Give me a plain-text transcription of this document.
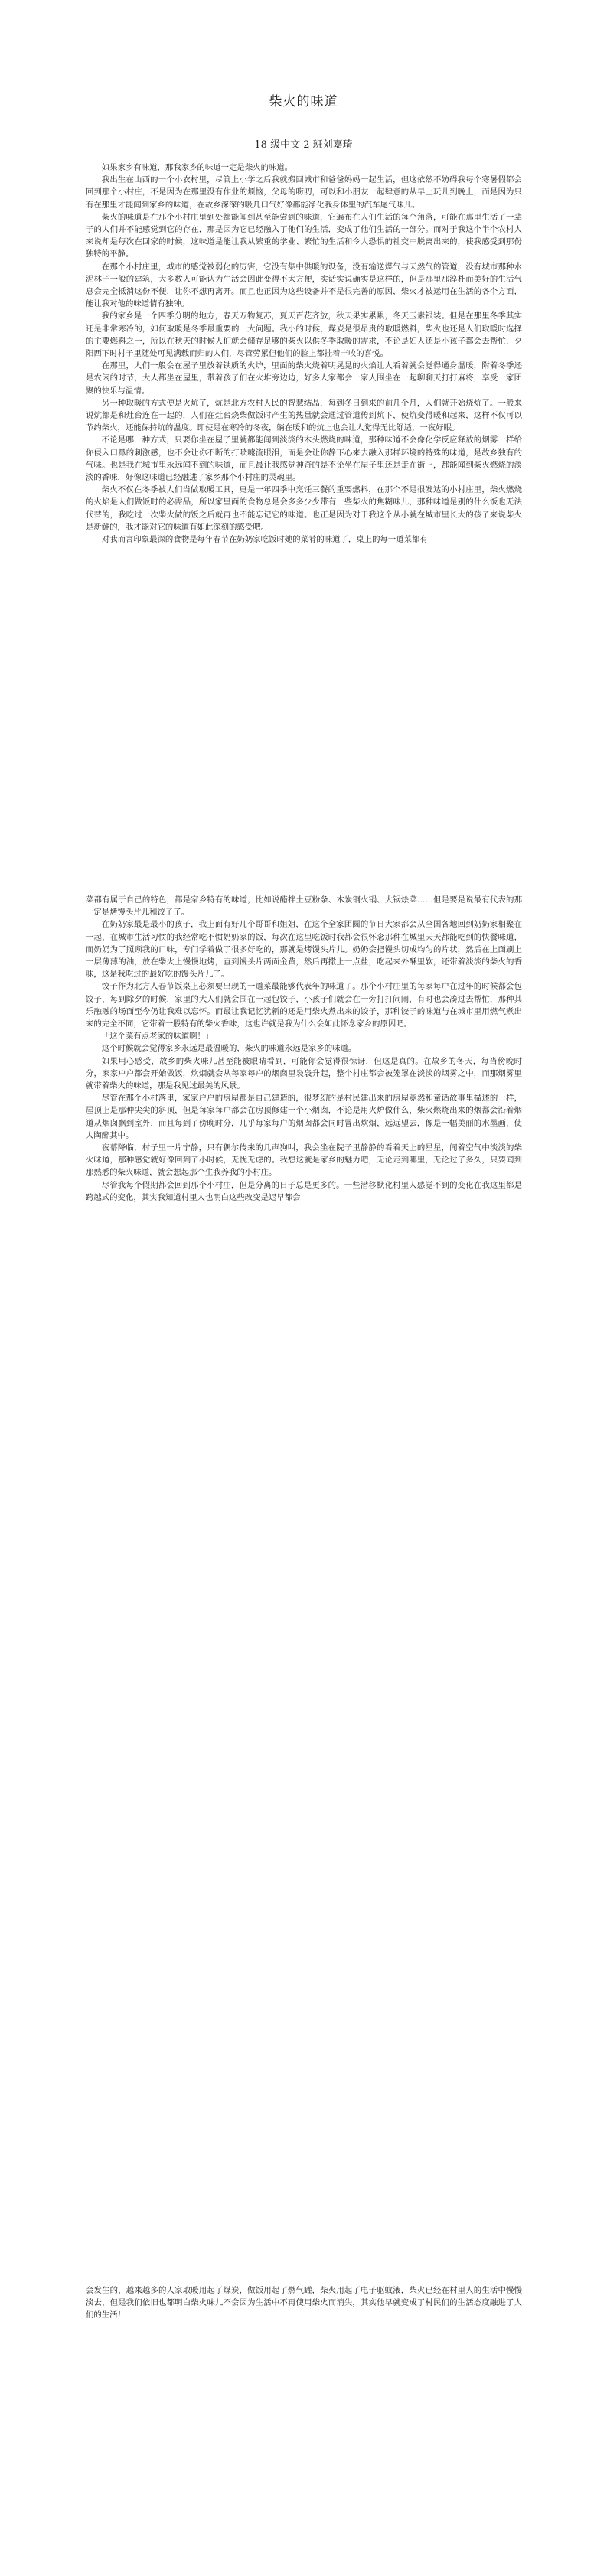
柴火的味道
18 级中文 2 班刘嘉琦

如果家乡有味道，那我家乡的味道一定是柴火的味道。

我出生在山西的一个小农村里，尽管上小学之后我就搬回城市和爸爸妈妈一起生活，但这依然不妨碍我每个寒暑假都会回到那个小村庄，不是因为在那里没有作业的烦恼，父母的唠叨，可以和小朋友一起肆意的从早上玩儿到晚上，而是因为只有在那里才能闻到家乡的味道，在故乡深深的吸几口气好像都能净化我身体里的汽车尾气味儿。

柴火的味道是在那个小村庄里到处都能闻到甚至能尝到的味道，它遍布在人们生活的每个角落，可能在那里生活了一辈子的人们并不能感觉到它的存在，那是因为它已经融入了他们的生活，变成了他们生活的一部分。而对于我这个半个农村人来说却是每次在回家的时候，这味道是能让我从繁重的学业、繁忙的生活和令人恐惧的社交中脱离出来的，使我感受到那份独特的平静。

在那个小村庄里，城市的感觉被弱化的厉害，它没有集中供暖的设备，没有输送煤气与天然气的管道，没有城市那种水泥林子一般的建筑，大多数人可能认为生活会因此变得不太方便，实话实说确实是这样的，但是那里那淳朴而美好的生活气息会完全抵消这份不便，让你不想再离开。而且也正因为这些设备并不是很完善的原因，柴火才被运用在生活的各个方面，能让我对他的味道情有独钟。

我的家乡是一个四季分明的地方，春天万物复苏，夏天百花齐放，秋天果实累累，冬天玉素银装。但是在那里冬季其实还是非常寒冷的，如何取暖是冬季最重要的一大问题。我小的时候，煤炭是很昂贵的取暖燃料，柴火也还是人们取暖时选择的主要燃料之一，所以在秋天的时候人们就会储存足够的柴火以供冬季取暖的需求，不论是妇人还是小孩子都会去帮忙，夕阳西下时村子里随处可见满载而归的人们，尽管劳累但他们的脸上都挂着丰收的喜悦。

在那里，人们一般会在屋子里放着铁质的火炉，里面的柴火烧着明晃晃的火焰让人看着就会觉得通身温暖，附着冬季还是农闲的时节，大人都坐在屋里，带着孩子们在火堆旁边边，好多人家都会一家人围坐在一起聊聊天打打麻将，享受一家团聚的快乐与温情。

另一种取暖的方式便是火炕了，炕是北方农村人民的智慧结晶，每到冬日到来的前几个月，人们就开始烧炕了。一般来说炕都是和灶台连在一起的，人们在灶台烧柴做饭时产生的热量就会通过管道传到炕下，使炕变得暖和起来，这样不仅可以节约柴火，还能保持炕的温度。即使是在寒冷的冬夜，躺在暖和的炕上也会让人觉得无比舒适，一夜好眠。

不论是哪一种方式，只要你坐在屋子里就都能闻到淡淡的木头燃烧的味道，那种味道不会像化学反应释放的烟雾一样给你侵入口鼻的刺激感，也不会让你不断的打喷嚏流眼泪，而是会让你静下心来去融入那样环境的特殊的味道，是故乡独有的气味。也是我在城市里永远闻不到的味道，而且最让我感觉神奇的是不论坐在屋子里还是走在街上，都能闻到柴火燃烧的淡淡的香味，好像这味道已经融进了家乡那个小村庄的灵魂里。

柴火不仅在冬季被人们当做取暖工具，更是一年四季中烹饪三餐的重要燃料，在那个不是很发达的小村庄里，柴火燃烧的火焰是人们做饭时的必需品，所以家里面的食物总是会多多少少带有一些柴火的焦糊味儿，那种味道是别的什么饭也无法代替的，我吃过一次柴火做的饭之后就再也不能忘记它的味道。也正是因为对于我这个从小就在城市里长大的孩子来说柴火是新鲜的，我才能对它的味道有如此深刻的感受吧。

对我而言印象最深的食物是每年春节在奶奶家吃饭时她的菜肴的味道了，桌上的每一道菜都有

菜都有属于自己的特色，都是家乡特有的味道，比如说醋拌土豆粉条、木炭铜火锅、大锅烩菜……但是要是说最有代表的那一定是烤馒头片儿和饺子了。

在奶奶家最是最小的孩子，我上面有好几个哥哥和姐姐，在这个全家团圆的节日大家都会从全国各地回到奶奶家相聚在一起，在城市生活习惯的我经常吃不惯奶奶家的饭，每次在这里吃饭时我都会很怀念那种在城里天天都能吃到的快餐味道，而奶奶为了照顾我的口味，专门学着做了很多好吃的，那就是烤馒头片儿。奶奶会把馒头切成均匀的片状，然后在上面刷上一层薄薄的油，放在柴火上慢慢地烤，直到馒头片两面金黄，然后再撒上一点盐，吃起来外酥里软，还带着淡淡的柴火的香味，这是我吃过的最好吃的馒头片儿了。

饺子作为北方人春节饭桌上必须要出现的一道菜最能够代表年的味道了。那个小村庄里的每家每户在过年的时候都会包饺子，每到除夕的时候，家里的大人们就会围在一起包饺子，小孩子们就会在一旁打打闹闹，有时也会凑过去帮忙，那种其乐融融的场面至今仍让我难以忘怀。而最让我记忆犹新的还是用柴火煮出来的饺子，那种饺子的味道与在城市里用燃气煮出来的完全不同，它带着一股特有的柴火香味，这也许就是我为什么会如此怀念家乡的原因吧。

「这个菜有点老家的味道啊！」

这个时候就会觉得家乡永远是最温暖的，柴火的味道永远是家乡的味道。

如果用心感受，故乡的柴火味儿甚至能被眼睛看到，可能你会觉得很惊讶，但这是真的。在故乡的冬天，每当傍晚时分，家家户户都会开始做饭，炊烟就会从每家每户的烟囱里袅袅升起，整个村庄都会被笼罩在淡淡的烟雾之中，而那烟雾里就带着柴火的味道，那是我见过最美的风景。

尽管在那个小村落里，家家户户的房屋都是自己建造的，很梦幻的是村民建出来的房屋竟然和童话故事里描述的一样，屋顶上是那种尖尖的斜顶，但是每家每户都会在房顶修建一个小烟囱，不论是用火炉做什么，柴火燃烧出来的烟都会沿着烟道从烟囱飘到室外，而且每到了傍晚时分，几乎每家每户的烟囱都会同时冒出炊烟，远远望去，像是一幅美丽的水墨画，使人陶醉其中。

夜幕降临，村子里一片宁静，只有偶尔传来的几声狗叫，我会坐在院子里静静的看着天上的星星，闻着空气中淡淡的柴火味道，那种感觉就好像回到了小时候，无忧无虑的。我想这就是家乡的魅力吧，无论走到哪里，无论过了多久，只要闻到那熟悉的柴火味道，就会想起那个生我养我的小村庄。

尽管我每个假期都会回到那个小村庄，但是分离的日子总是更多的。一些潜移默化村里人感觉不到的变化在我这里都是跨越式的变化，其实我知道村里人也明白这些改变是迟早都会

会发生的，越来越多的人家取暖用起了煤炭，做饭用起了燃气罐，柴火用起了电子驱蚊液，柴火已经在村里人的生活中慢慢淡去，但是我们依旧也都明白柴火味儿不会因为生活中不再使用柴火而消失，其实他早就变成了村民们的生活态度融进了人们的生活！
